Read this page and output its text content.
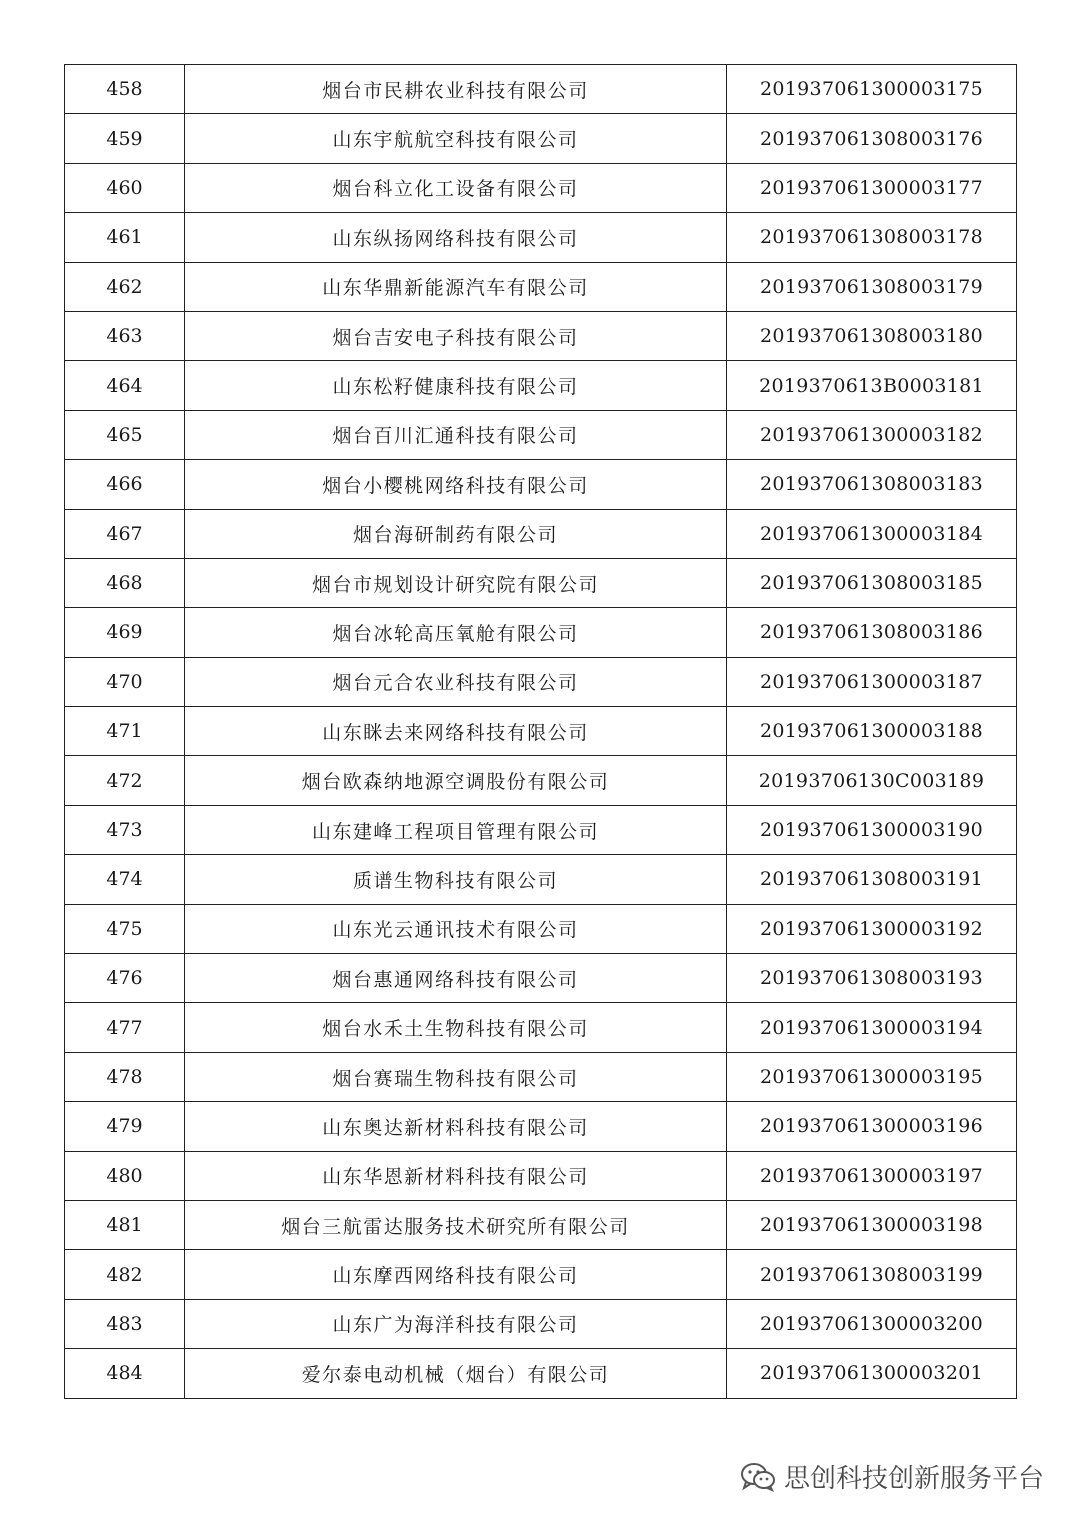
458	烟台市民耕农业科技有限公司	201937061300003175
459	山东宇航航空科技有限公司	201937061308003176
460	烟台科立化工设备有限公司	201937061300003177
461	山东纵扬网络科技有限公司	201937061308003178
462	山东华鼎新能源汽车有限公司	201937061308003179
463	烟台吉安电子科技有限公司	201937061308003180
464	山东松籽健康科技有限公司	2019370613B0003181
465	烟台百川汇通科技有限公司	201937061300003182
466	烟台小樱桃网络科技有限公司	201937061308003183
467	烟台海研制药有限公司	201937061300003184
468	烟台市规划设计研究院有限公司	201937061308003185
469	烟台冰轮高压氧舱有限公司	201937061308003186
470	烟台元合农业科技有限公司	201937061300003187
471	山东眯去来网络科技有限公司	201937061300003188
472	烟台欧森纳地源空调股份有限公司	20193706130C003189
473	山东建峰工程项目管理有限公司	201937061300003190
474	质谱生物科技有限公司	201937061308003191
475	山东光云通讯技术有限公司	201937061300003192
476	烟台惠通网络科技有限公司	201937061308003193
477	烟台水禾土生物科技有限公司	201937061300003194
478	烟台赛瑞生物科技有限公司	201937061300003195
479	山东奥达新材料科技有限公司	201937061300003196
480	山东华恩新材料科技有限公司	201937061300003197
481	烟台三航雷达服务技术研究所有限公司	201937061300003198
482	山东摩西网络科技有限公司	201937061308003199
483	山东广为海洋科技有限公司	201937061300003200
484	爱尔泰电动机械（烟台）有限公司	201937061300003201
思创科技创新服务平台
